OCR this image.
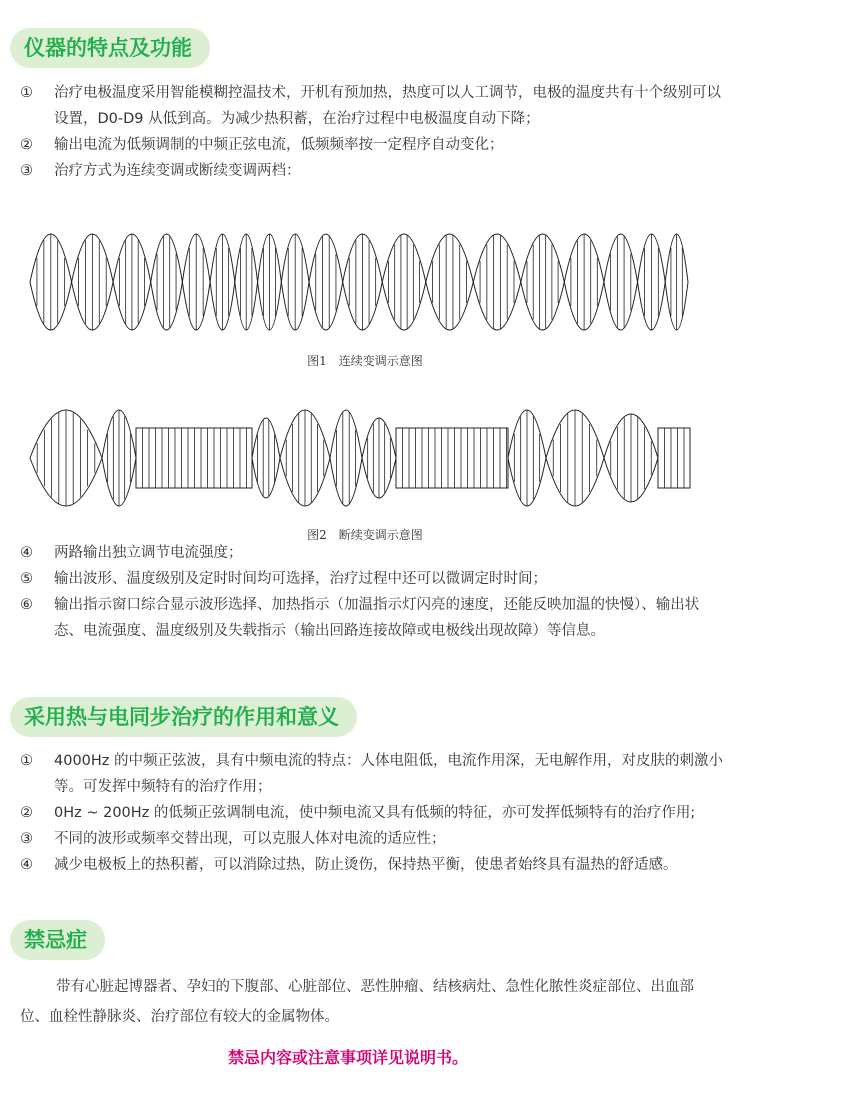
仪器的特点及功能
①	治疗电极温度采用智能模糊控温技术，开机有预加热，热度可以人工调节，电极的温度共有十个级别可以设置，D0-D9 从低到高。为减少热积蓄，在治疗过程中电极温度自动下降；
②	输出电流为低频调制的中频正弦电流，低频频率按一定程序自动变化；
③	治疗方式为连续变调或断续变调两档：
图1　连续变调示意图
图2　断续变调示意图
④	两路输出独立调节电流强度；
⑤	输出波形、温度级别及定时时间均可选择，治疗过程中还可以微调定时时间；
⑥	输出指示窗口综合显示波形选择、加热指示（加温指示灯闪亮的速度，还能反映加温的快慢）、输出状态、电流强度、温度级别及失载指示（输出回路连接故障或电极线出现故障）等信息。
采用热与电同步治疗的作用和意义
①	4000Hz 的中频正弦波，具有中频电流的特点：人体电阻低，电流作用深，无电解作用，对皮肤的刺激小等。可发挥中频特有的治疗作用；
②	0Hz ~ 200Hz 的低频正弦调制电流，使中频电流又具有低频的特征，亦可发挥低频特有的治疗作用;
③	不同的波形或频率交替出现，可以克服人体对电流的适应性；
④	减少电极板上的热积蓄，可以消除过热，防止烫伤，保持热平衡，使患者始终具有温热的舒适感。
禁忌症
带有心脏起博器者、孕妇的下腹部、心脏部位、恶性肿瘤、结核病灶、急性化脓性炎症部位、出血部位、血栓性静脉炎、治疗部位有较大的金属物体。
禁忌内容或注意事项详见说明书。
